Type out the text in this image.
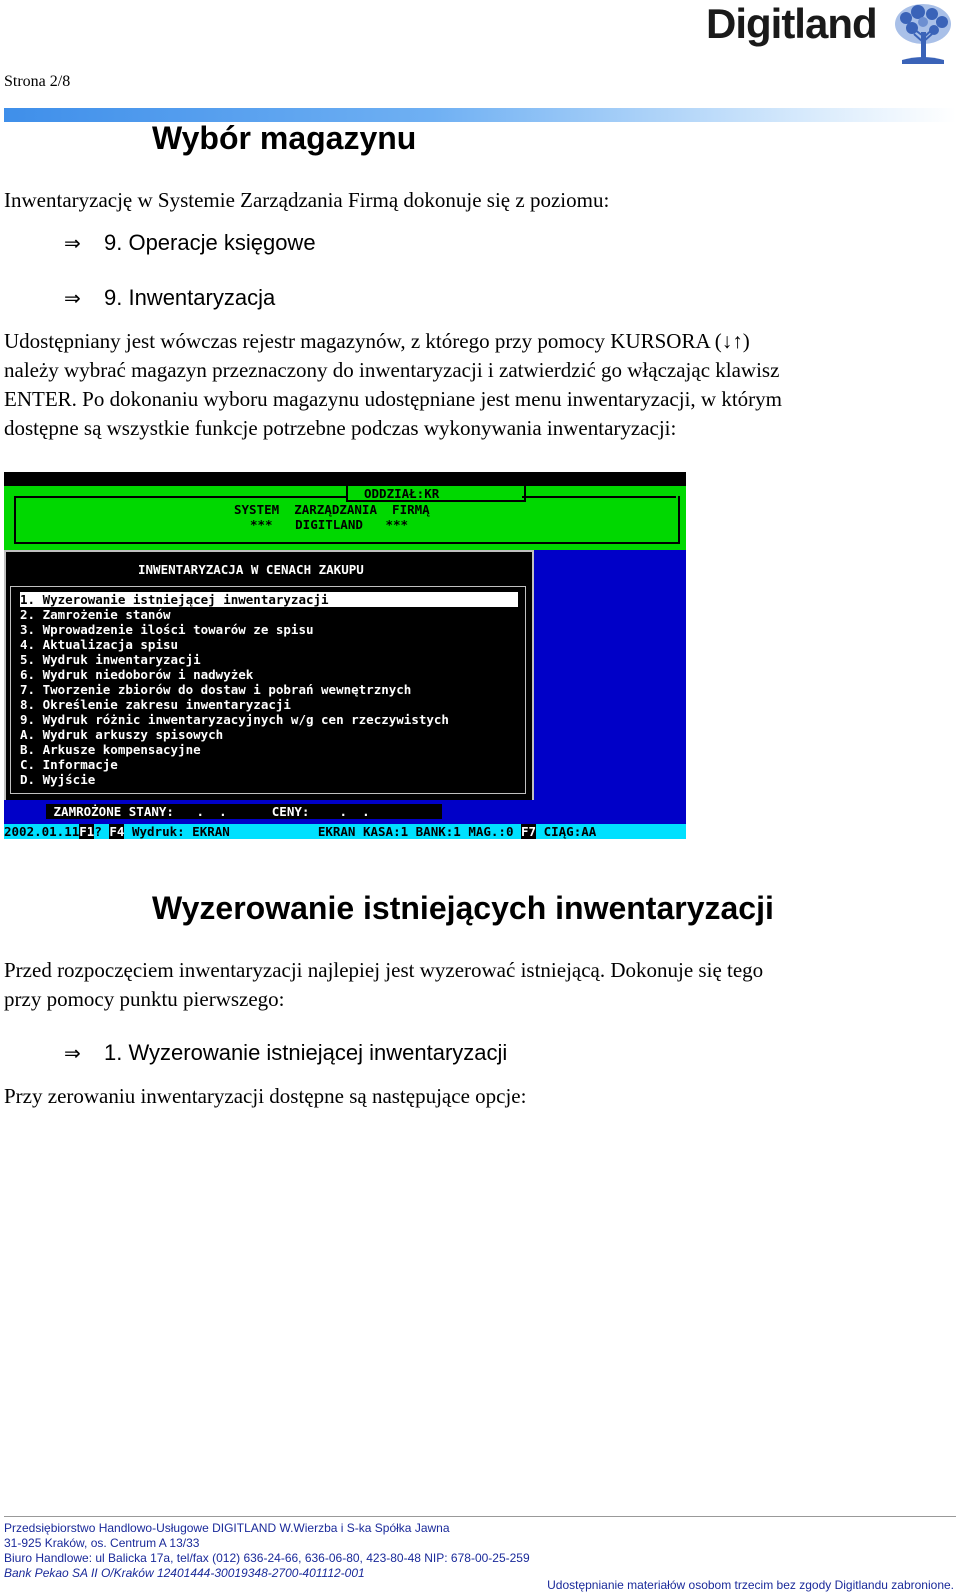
Strona 2/8
Digitland
Wybór magazynu
Inwentaryzację w Systemie Zarządzania Firmą dokonuje się z poziomu:
⇒ 9. Operacje księgowe
⇒ 9. Inwentaryzacja
Udostępniany jest wówczas rejestr magazynów, z którego przy pomocy KURSORA (↓↑)
należy wybrać magazyn przeznaczony do inwentaryzacji i zatwierdzić go włączając klawisz
ENTER. Po dokonaniu wyboru magazynu udostępniane jest menu inwentaryzacji, w którym
dostępne są wszystkie funkcje potrzebne podczas wykonywania inwentaryzacji:
ODDZIAŁ:KR
SYSTEM  ZARZĄDZANIA  FIRMĄ
***   DIGITLAND   ***
INWENTARYZACJA W CENACH ZAKUPU
1. Wyzerowanie istniejącej inwentaryzacji
2. Zamrożenie stanów
3. Wprowadzenie ilości towarów ze spisu
4. Aktualizacja spisu
5. Wydruk inwentaryzacji
6. Wydruk niedoborów i nadwyżek
7. Tworzenie zbiorów do dostaw i pobrań wewnętrznych
8. Określenie zakresu inwentaryzacji
9. Wydruk różnic inwentaryzacyjnych w/g cen rzeczywistych
A. Wydruk arkuszy spisowych
B. Arkusze kompensacyjne
C. Informacje
D. Wyjście
ZAMROŻONE STANY:   .  .      CENY:    .  .
2002.01.11F1? F4 Wydruk: EKRAN	EKRAN KASA:1 BANK:1 MAG.:0 F7 CIĄG:AA
Wyzerowanie istniejących inwentaryzacji
Przed rozpoczęciem inwentaryzacji najlepiej jest wyzerować istniejącą. Dokonuje się tego
przy pomocy punktu pierwszego:
⇒ 1. Wyzerowanie istniejącej inwentaryzacji
Przy zerowaniu inwentaryzacji dostępne są następujące opcje:
Przedsiębiorstwo Handlowo-Usługowe DIGITLAND W.Wierzba i S-ka Spółka Jawna
31-925 Kraków, os. Centrum A 13/33
Biuro Handlowe: ul Balicka 17a, tel/fax (012) 636-24-66, 636-06-80, 423-80-48 NIP: 678-00-25-259
Bank Pekao SA II O/Kraków 12401444-30019348-2700-401112-001
Udostępnianie materiałów osobom trzecim bez zgody Digitlandu zabronione.
